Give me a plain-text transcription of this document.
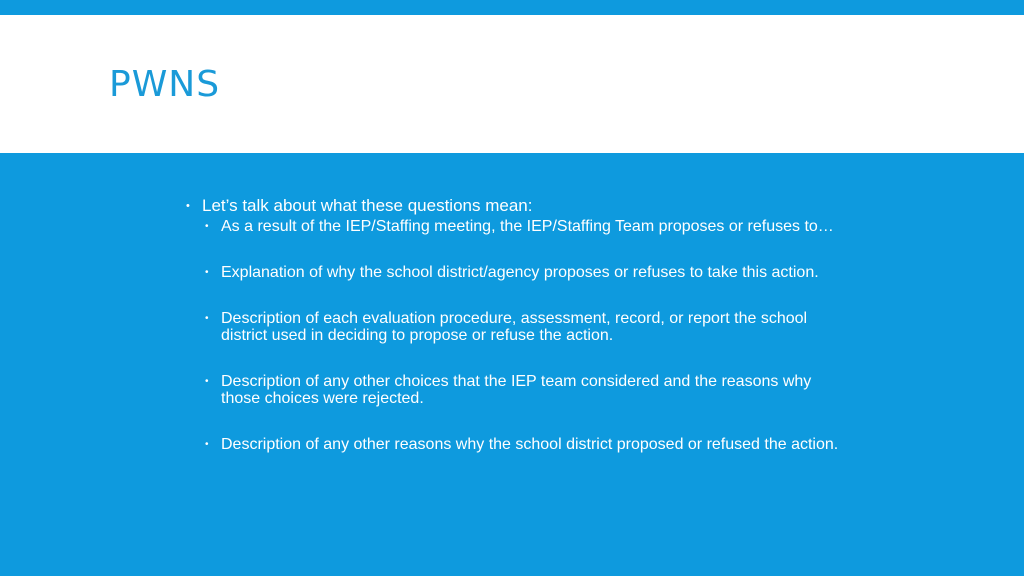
PWNS
• Let’s talk about what these questions mean:
• As a result of the IEP/Staffing meeting, the IEP/Staffing Team proposes or refuses to…
• Explanation of why the school district/agency proposes or refuses to take this action.
• Description of each evaluation procedure, assessment, record, or report the school district used in deciding to propose or refuse the action.
• Description of any other choices that the IEP team considered and the reasons why those choices were rejected.
• Description of any other reasons why the school district proposed or refused the action.
